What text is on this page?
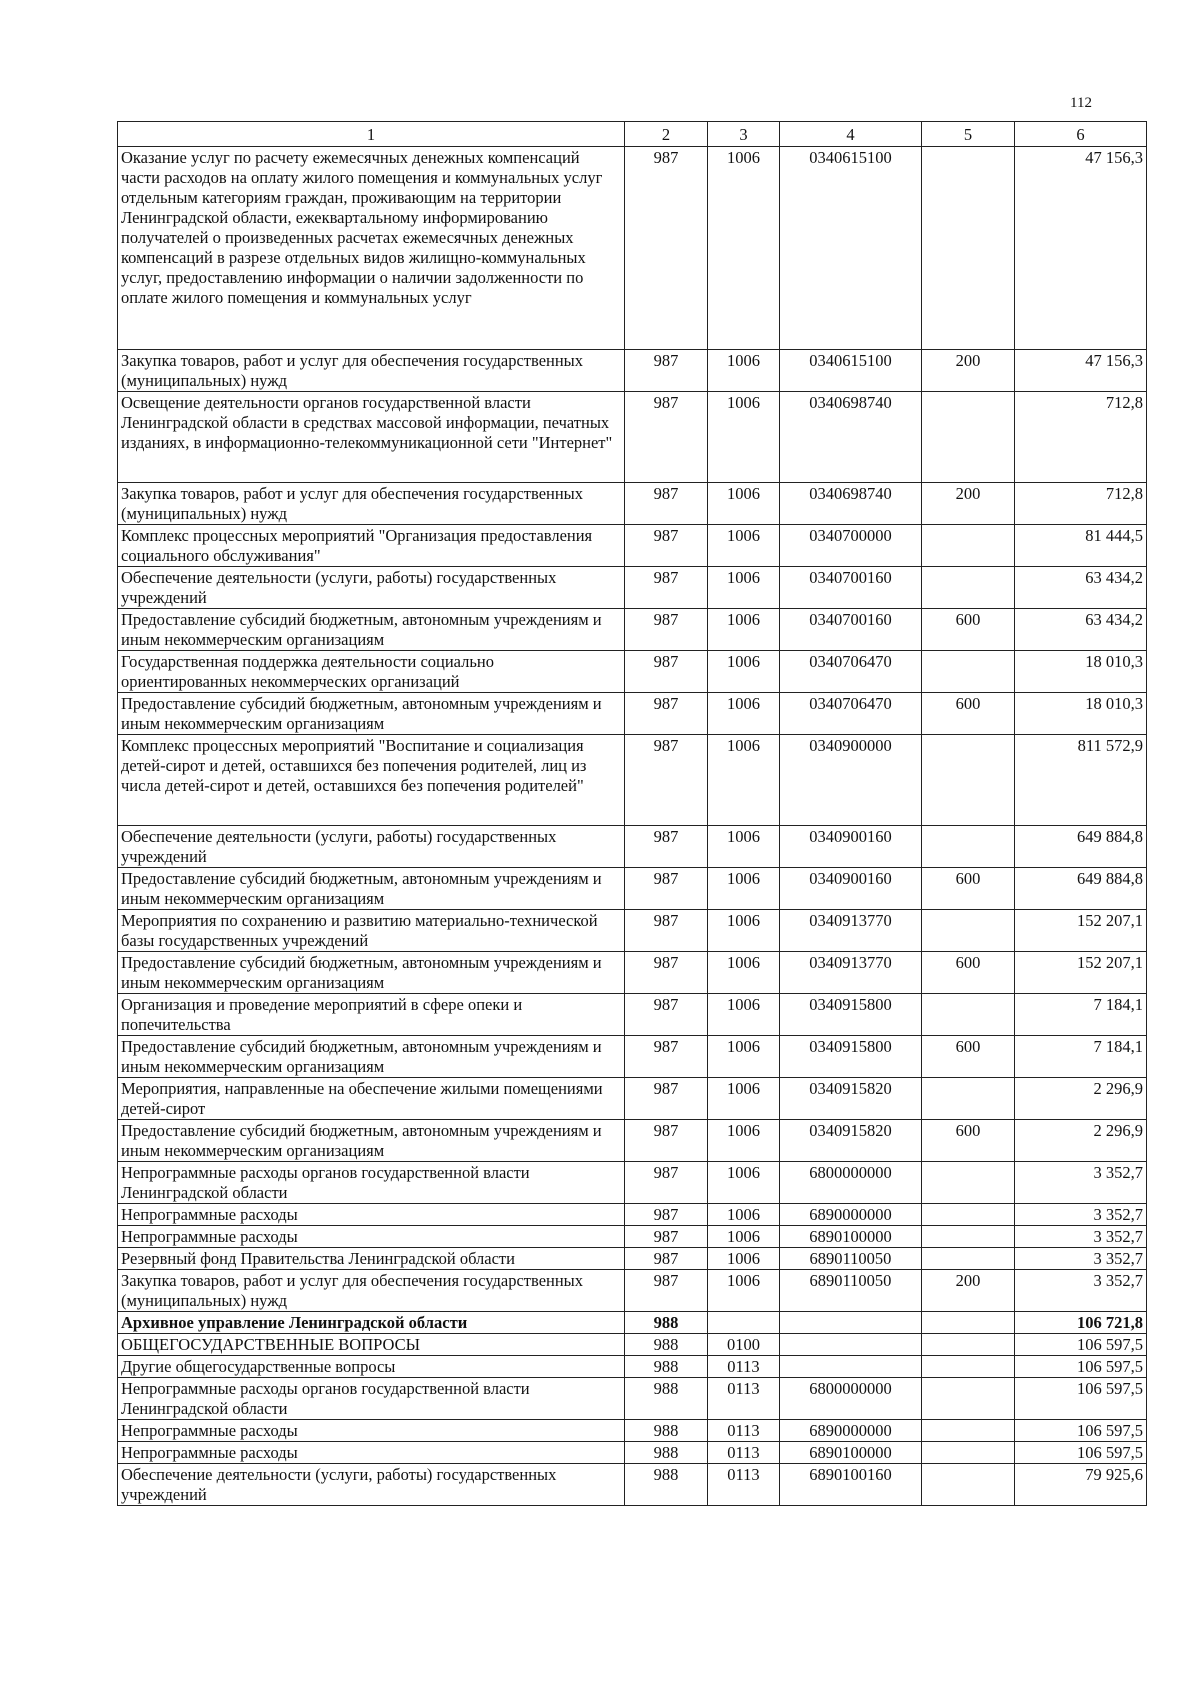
112
1	2	3	4	5	6
Оказание услуг по расчету ежемесячных денежных компенсаций части расходов на оплату жилого помещения и коммунальных услуг отдельным категориям граждан, проживающим на территории Ленинградской области, ежеквартальному информированию получателей о произведенных расчетах ежемесячных денежных компенсаций в разрезе отдельных видов жилищно-коммунальных услуг, предоставлению информации о наличии задолженности по оплате жилого помещения и коммунальных услуг	987	1006	0340615100		47 156,3
Закупка товаров, работ и услуг для обеспечения государственных (муниципальных) нужд	987	1006	0340615100	200	47 156,3
Освещение деятельности органов государственной власти Ленинградской области в средствах массовой информации, печатных изданиях, в информационно-телекоммуникационной сети "Интернет"	987	1006	0340698740		712,8
Закупка товаров, работ и услуг для обеспечения государственных (муниципальных) нужд	987	1006	0340698740	200	712,8
Комплекс процессных мероприятий "Организация предоставления социального обслуживания"	987	1006	0340700000		81 444,5
Обеспечение деятельности (услуги, работы) государственных учреждений	987	1006	0340700160		63 434,2
Предоставление субсидий бюджетным, автономным учреждениям и иным некоммерческим организациям	987	1006	0340700160	600	63 434,2
Государственная поддержка деятельности социально ориентированных некоммерческих организаций	987	1006	0340706470		18 010,3
Предоставление субсидий бюджетным, автономным учреждениям и иным некоммерческим организациям	987	1006	0340706470	600	18 010,3
Комплекс процессных мероприятий "Воспитание и социализация детей-сирот и детей, оставшихся без попечения родителей, лиц из числа детей-сирот и детей, оставшихся без попечения родителей"	987	1006	0340900000		811 572,9
Обеспечение деятельности (услуги, работы) государственных учреждений	987	1006	0340900160		649 884,8
Предоставление субсидий бюджетным, автономным учреждениям и иным некоммерческим организациям	987	1006	0340900160	600	649 884,8
Мероприятия по сохранению и развитию материально-технической базы государственных учреждений	987	1006	0340913770		152 207,1
Предоставление субсидий бюджетным, автономным учреждениям и иным некоммерческим организациям	987	1006	0340913770	600	152 207,1
Организация и проведение мероприятий в сфере опеки и попечительства	987	1006	0340915800		7 184,1
Предоставление субсидий бюджетным, автономным учреждениям и иным некоммерческим организациям	987	1006	0340915800	600	7 184,1
Мероприятия, направленные на обеспечение жилыми помещениями детей-сирот	987	1006	0340915820		2 296,9
Предоставление субсидий бюджетным, автономным учреждениям и иным некоммерческим организациям	987	1006	0340915820	600	2 296,9
Непрограммные расходы органов государственной власти Ленинградской области	987	1006	6800000000		3 352,7
Непрограммные расходы	987	1006	6890000000		3 352,7
Непрограммные расходы	987	1006	6890100000		3 352,7
Резервный фонд Правительства Ленинградской области	987	1006	6890110050		3 352,7
Закупка товаров, работ и услуг для обеспечения государственных (муниципальных) нужд	987	1006	6890110050	200	3 352,7
Архивное управление Ленинградской области	988				106 721,8
ОБЩЕГОСУДАРСТВЕННЫЕ ВОПРОСЫ	988	0100			106 597,5
Другие общегосударственные вопросы	988	0113			106 597,5
Непрограммные расходы органов государственной власти Ленинградской области	988	0113	6800000000		106 597,5
Непрограммные расходы	988	0113	6890000000		106 597,5
Непрограммные расходы	988	0113	6890100000		106 597,5
Обеспечение деятельности (услуги, работы) государственных учреждений	988	0113	6890100160		79 925,6
